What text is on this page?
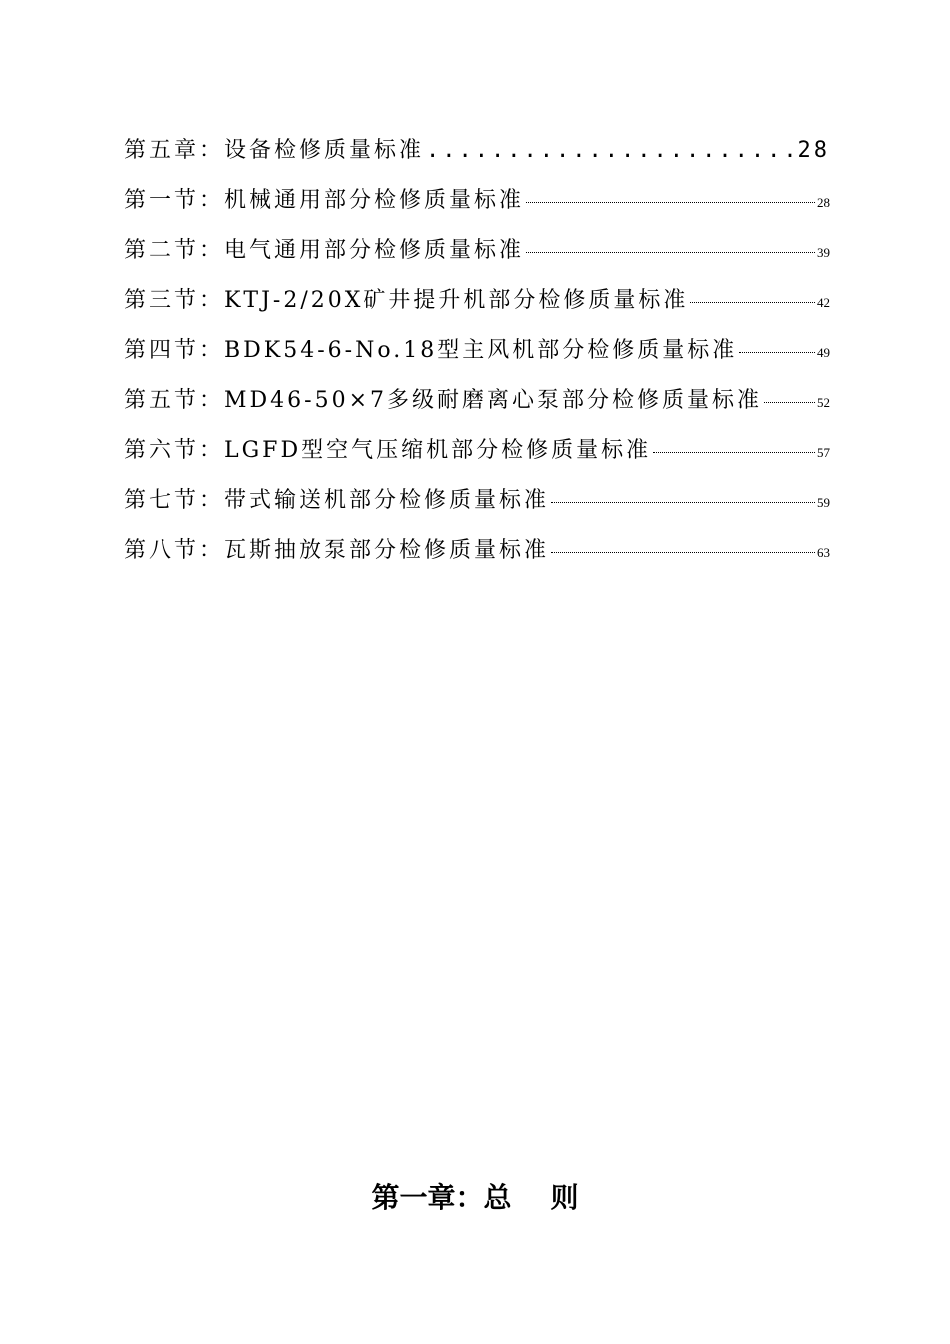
第五章：设备检修质量标准 .....	28
第一节：机械通用部分检修质量标准	28
第二节：电气通用部分检修质量标准	39
第三节：KTJ-2/20X矿井提升机部分检修质量标准	42
第四节：BDK54-6-No.18型主风机部分检修质量标准	49
第五节：MD46-50×7多级耐磨离心泵部分检修质量标准	52
第六节：LGFD型空气压缩机部分检修质量标准	57
第七节：带式输送机部分检修质量标准	59
第八节：瓦斯抽放泵部分检修质量标准	63
第一章：总    则
